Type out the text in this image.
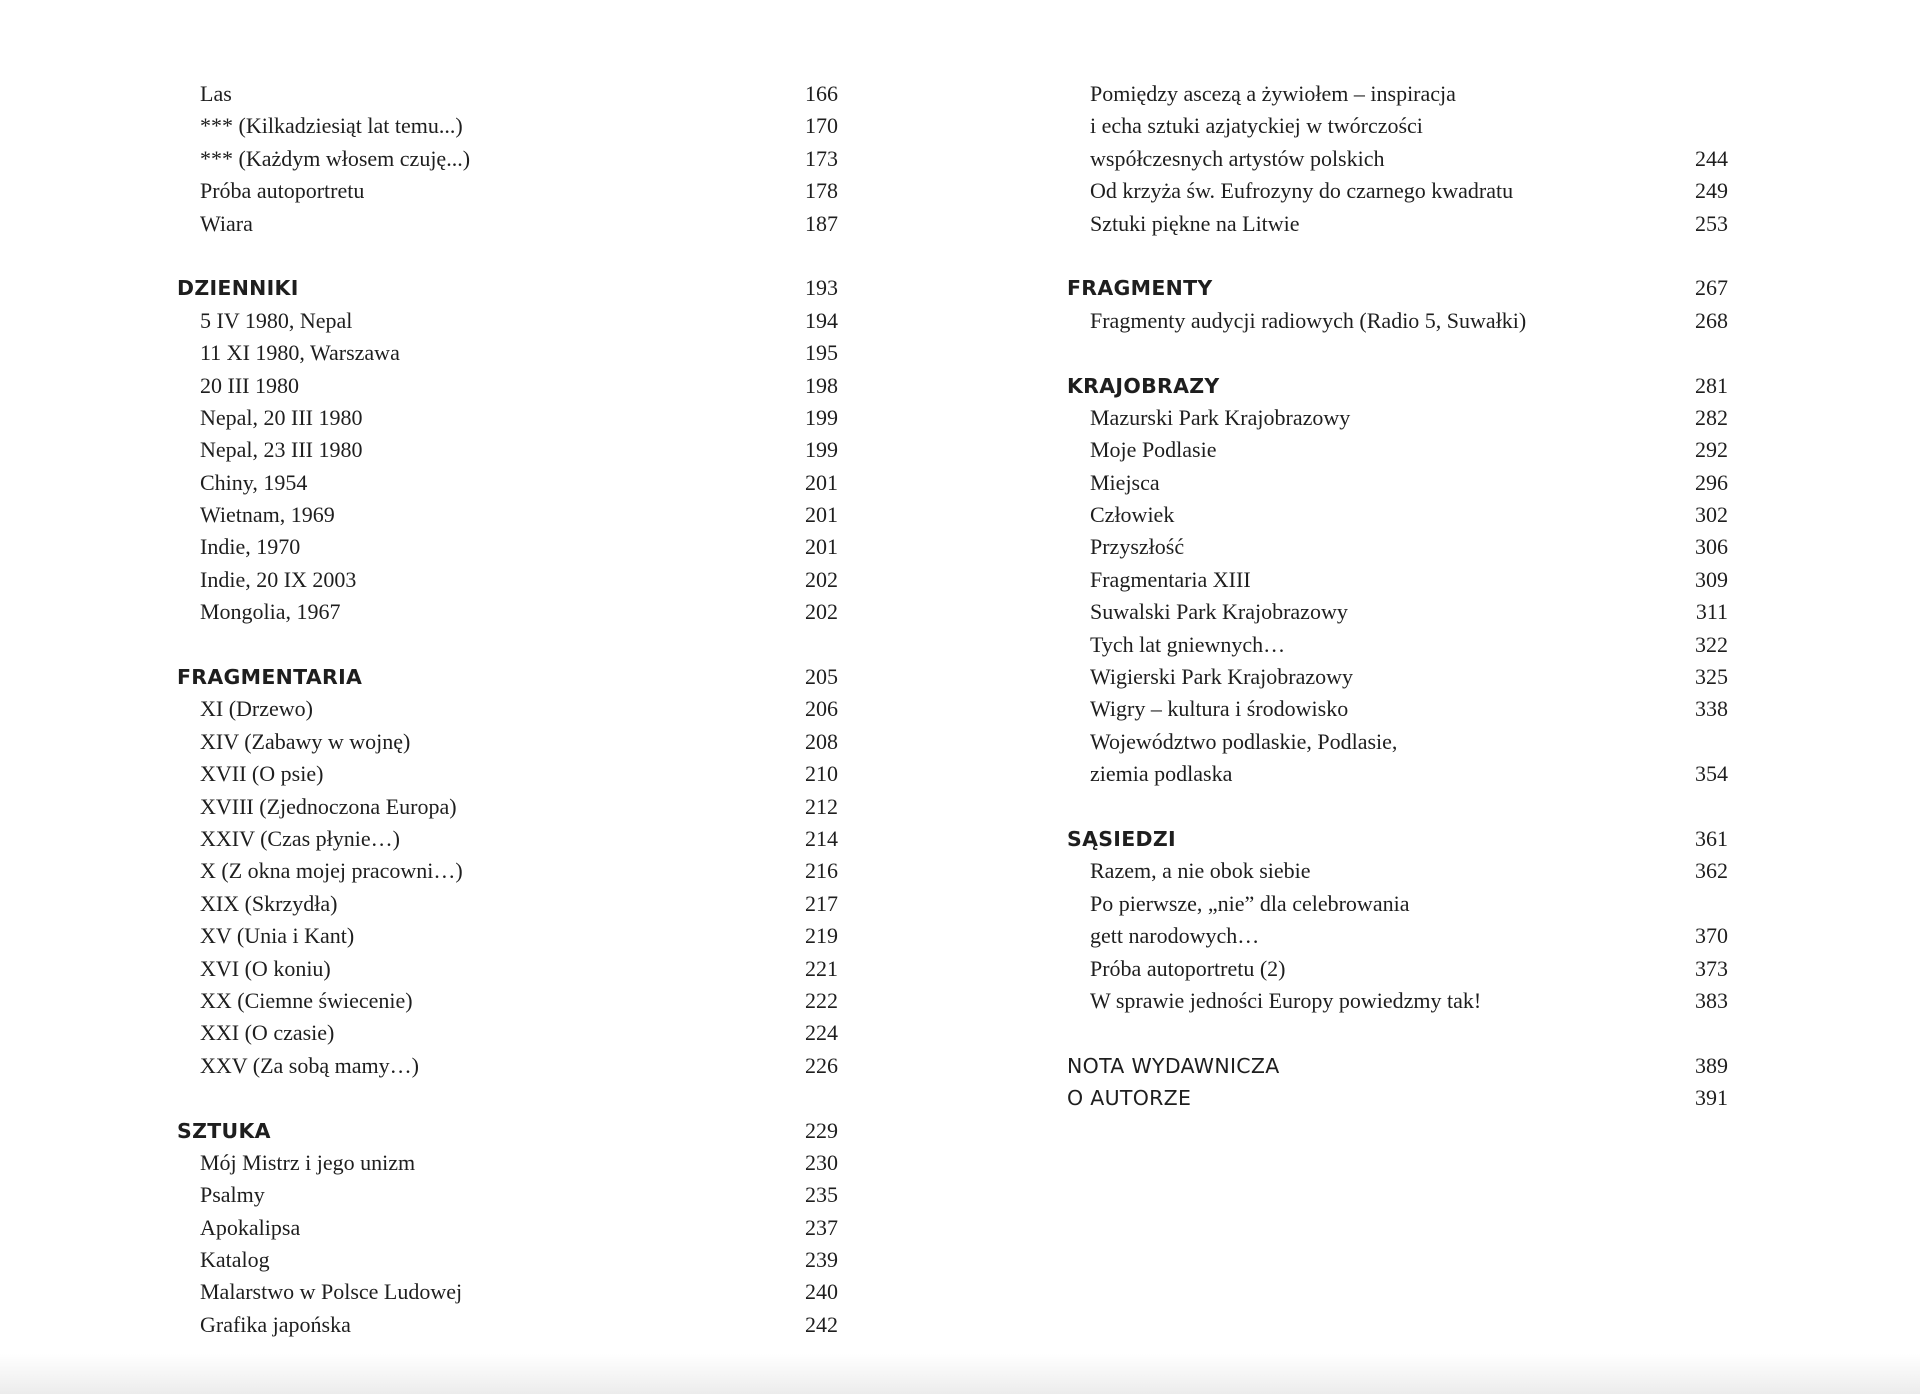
Las	166
*** (Kilkadziesiąt lat temu...)	170
*** (Każdym włosem czuję...)	173
Próba autoportretu	178
Wiara	187
DZIENNIKI	193
5 IV 1980, Nepal	194
11 XI 1980, Warszawa	195
20 III 1980	198
Nepal, 20 III 1980	199
Nepal, 23 III 1980	199
Chiny, 1954	201
Wietnam, 1969	201
Indie, 1970	201
Indie, 20 IX 2003	202
Mongolia, 1967	202
FRAGMENTARIA	205
XI (Drzewo)	206
XIV (Zabawy w wojnę)	208
XVII (O psie)	210
XVIII (Zjednoczona Europa)	212
XXIV (Czas płynie…)	214
X (Z okna mojej pracowni…)	216
XIX (Skrzydła)	217
XV (Unia i Kant)	219
XVI (O koniu)	221
XX (Ciemne świecenie)	222
XXI (O czasie)	224
XXV (Za sobą mamy…)	226
SZTUKA	229
Mój Mistrz i jego unizm	230
Psalmy	235
Apokalipsa	237
Katalog	239
Malarstwo w Polsce Ludowej	240
Grafika japońska	242
Pomiędzy ascezą a żywiołem – inspiracja
i echa sztuki azjatyckiej w twórczości
współczesnych artystów polskich	244
Od krzyża św. Eufrozyny do czarnego kwadratu	249
Sztuki piękne na Litwie	253
FRAGMENTY	267
Fragmenty audycji radiowych (Radio 5, Suwałki)	268
KRAJOBRAZY	281
Mazurski Park Krajobrazowy	282
Moje Podlasie	292
Miejsca	296
Człowiek	302
Przyszłość	306
Fragmentaria XIII	309
Suwalski Park Krajobrazowy	311
Tych lat gniewnych…	322
Wigierski Park Krajobrazowy	325
Wigry – kultura i środowisko	338
Województwo podlaskie, Podlasie,
ziemia podlaska	354
SĄSIEDZI	361
Razem, a nie obok siebie	362
Po pierwsze, „nie” dla celebrowania
gett narodowych…	370
Próba autoportretu (2)	373
W sprawie jedności Europy powiedzmy tak!	383
NOTA WYDAWNICZA	389
O AUTORZE	391
